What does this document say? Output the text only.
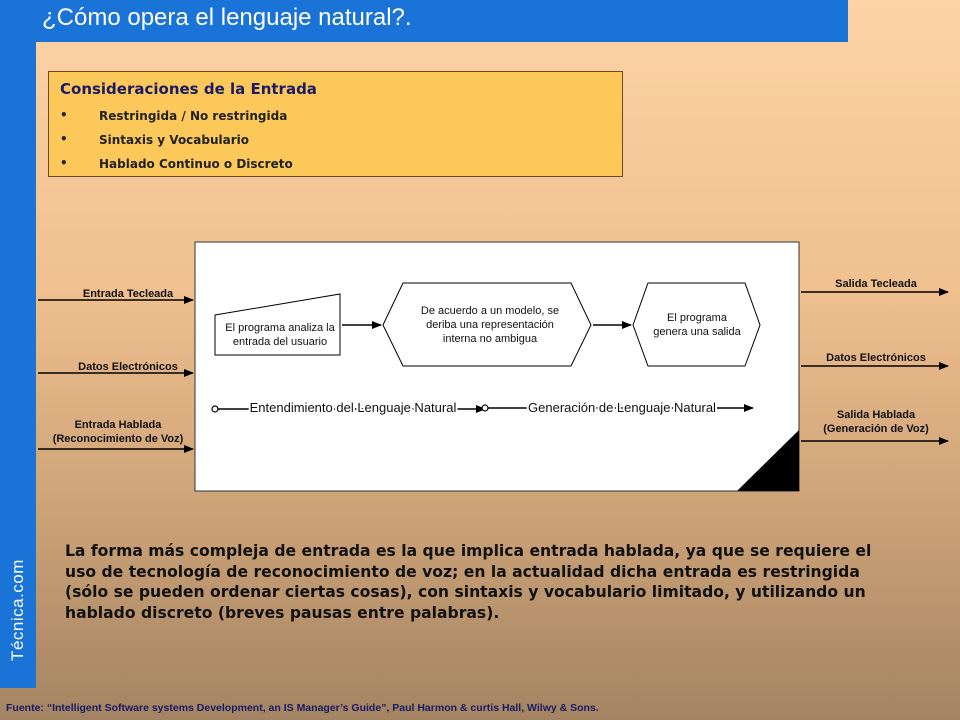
Técnica.com
¿Cómo opera el lenguaje natural?.
Consideraciones de la Entrada
•	Restringida / No restringida
•	Sintaxis y Vocabulario
•	Hablado Continuo o Discreto
Entrada Tecleada
Datos Electrónicos
Entrada Hablada
(Reconocimiento de Voz)
Salida Tecleada
Datos Electrónicos
Salida Hablada
(Generación de Voz)
El programa analiza la
entrada del usuario
De acuerdo a un modelo, se
deriba una representación
interna no ambigua
El programa
genera una salida
Entendimiento del Lenguaje Natural	Generación de Lenguaje Natural
La forma más compleja de entrada es la que implica entrada hablada, ya que se requiere el uso de tecnología de reconocimiento de voz; en la actualidad dicha entrada es restringida (sólo se pueden ordenar ciertas cosas), con sintaxis y vocabulario limitado, y utilizando un hablado discreto (breves pausas entre palabras).
Fuente: “Intelligent Software systems Development, an IS Manager’s Guide”, Paul Harmon & curtis Hall, Wilwy & Sons.
